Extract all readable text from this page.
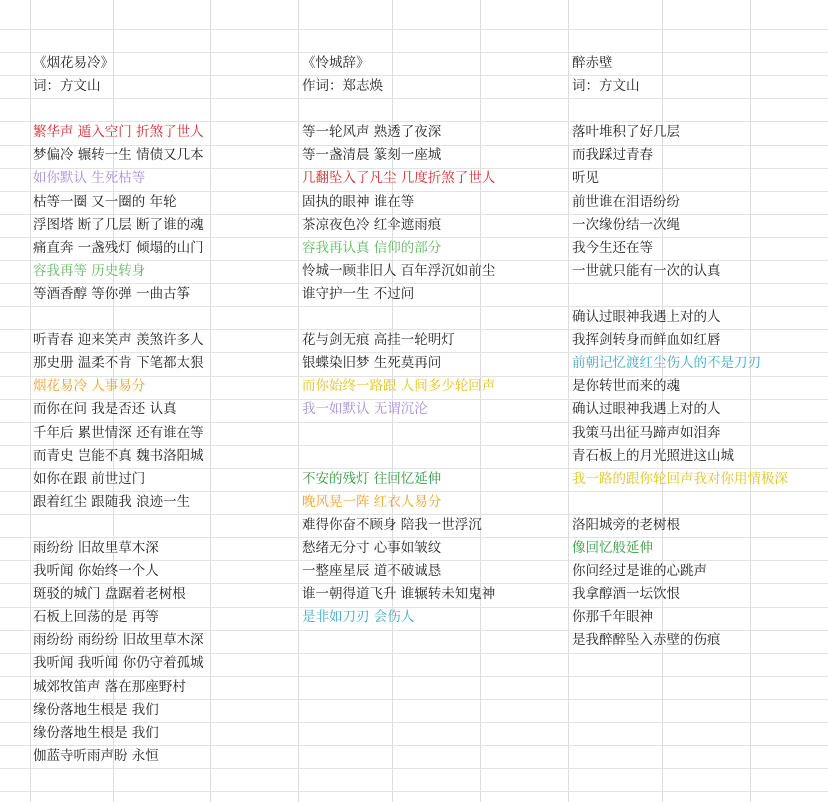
《烟花易冷》
词：方文山
繁华声 遁入空门 折煞了世人
梦偏冷 辗转一生 情债又几本
如你默认 生死枯等
枯等一圈 又一圈的 年轮
浮图塔 断了几层 断了谁的魂
痛直奔 一盏残灯 倾塌的山门
容我再等 历史转身
等酒香醇 等你弹 一曲古筝
听青春 迎来笑声 羡煞许多人
那史册 温柔不肯 下笔都太狠
烟花易冷 人事易分
而你在问 我是否还 认真
千年后 累世情深 还有谁在等
而青史 岂能不真 魏书洛阳城
如你在跟 前世过门
跟着红尘 跟随我 浪迹一生
雨纷纷 旧故里草木深
我听闻 你始终一个人
斑驳的城门 盘踞着老树根
石板上回荡的是 再等
雨纷纷 雨纷纷 旧故里草木深
我听闻 我听闻 你仍守着孤城
城郊牧笛声 落在那座野村
缘份落地生根是 我们
缘份落地生根是 我们
伽蓝寺听雨声盼 永恒
《怜城辞》
作词：郑志焕
等一轮风声 熟透了夜深
等一盏清晨 篆刻一座城
几翻坠入了凡尘 几度折煞了世人
固执的眼神 谁在等
茶凉夜色冷 红伞遮雨痕
容我再认真 信仰的部分
怜城一顾非旧人 百年浮沉如前尘
谁守护一生 不过问
花与剑无痕 高挂一轮明灯
银蝶染旧梦 生死莫再问
而你始终一路跟 人间多少轮回声
我一如默认 无谓沉沦
不安的残灯 往回忆延伸
晚风晃一阵 红衣人易分
难得你奋不顾身 陪我一世浮沉
愁绪无分寸 心事如皱纹
一整座星辰 道不破诚恳
谁一朝得道飞升 谁辗转未知鬼神
是非如刀刃 会伤人
醉赤壁
词：方文山
落叶堆积了好几层
而我踩过青春
听见
前世谁在泪语纷纷
一次缘份结一次绳
我今生还在等
一世就只能有一次的认真
确认过眼神我遇上对的人
我挥剑转身而鲜血如红唇
前朝记忆渡红尘伤人的不是刀刃
是你转世而来的魂
确认过眼神我遇上对的人
我策马出征马蹄声如泪奔
青石板上的月光照进这山城
我一路的跟你轮回声我对你用情极深
洛阳城旁的老树根
像回忆般延伸
你问经过是谁的心跳声
我拿醇酒一坛饮恨
你那千年眼神
是我醉醉坠入赤壁的伤痕
